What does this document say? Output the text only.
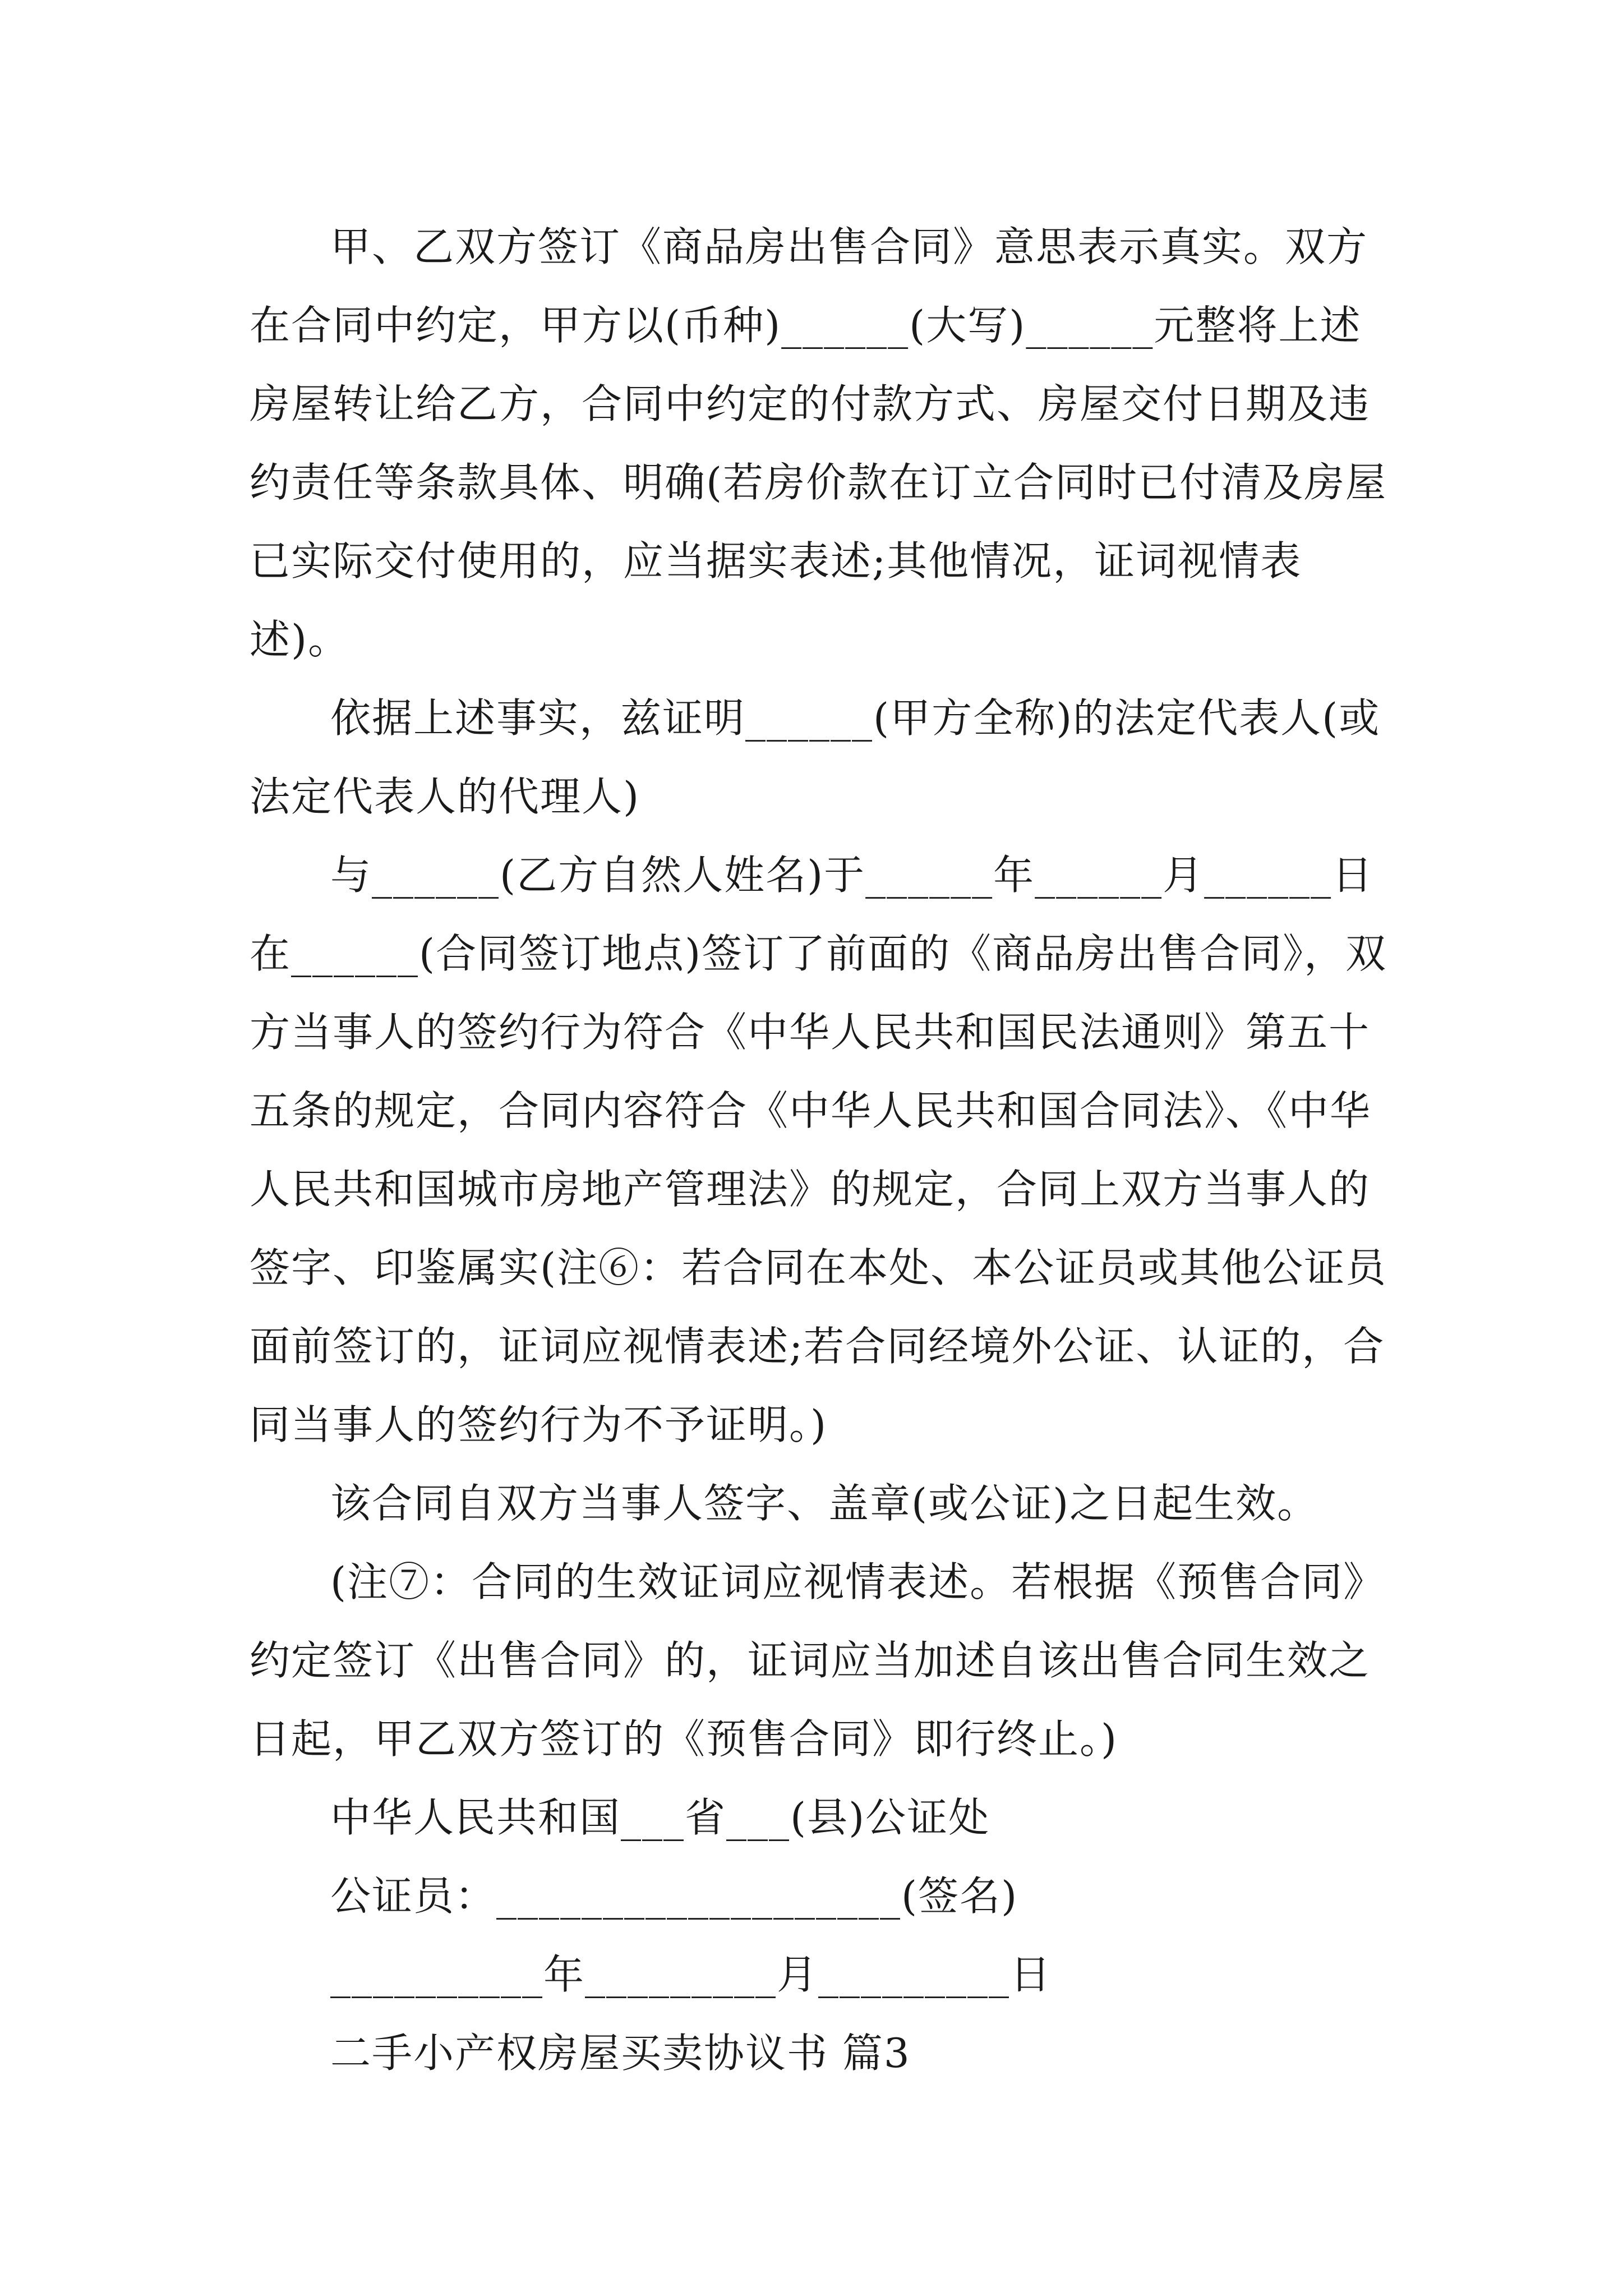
甲、乙双方签订《商品房出售合同》意思表示真实。双方在合同中约定，甲方以(币种)______(大写)______元整将上述房屋转让给乙方，合同中约定的付款方式、房屋交付日期及违约责任等条款具体、明确(若房价款在订立合同时已付清及房屋已实际交付使用的，应当据实表述;其他情况，证词视情表述)。

依据上述事实，兹证明______(甲方全称)的法定代表人(或法定代表人的代理人)

与______(乙方自然人姓名)于______年______月______日在______(合同签订地点)签订了前面的《商品房出售合同》，双方当事人的签约行为符合《中华人民共和国民法通则》第五十五条的规定，合同内容符合《中华人民共和国合同法》、《中华人民共和国城市房地产管理法》的规定，合同上双方当事人的签字、印鉴属实(注⑥：若合同在本处、本公证员或其他公证员面前签订的，证词应视情表述;若合同经境外公证、认证的，合同当事人的签约行为不予证明。)

该合同自双方当事人签字、盖章(或公证)之日起生效。

(注⑦：合同的生效证词应视情表述。若根据《预售合同》约定签订《出售合同》的，证词应当加述自该出售合同生效之日起，甲乙双方签订的《预售合同》即行终止。)

中华人民共和国___省___(县)公证处

公证员：___________________(签名)

__________年_________月_________日

二手小产权房屋买卖协议书 篇3
